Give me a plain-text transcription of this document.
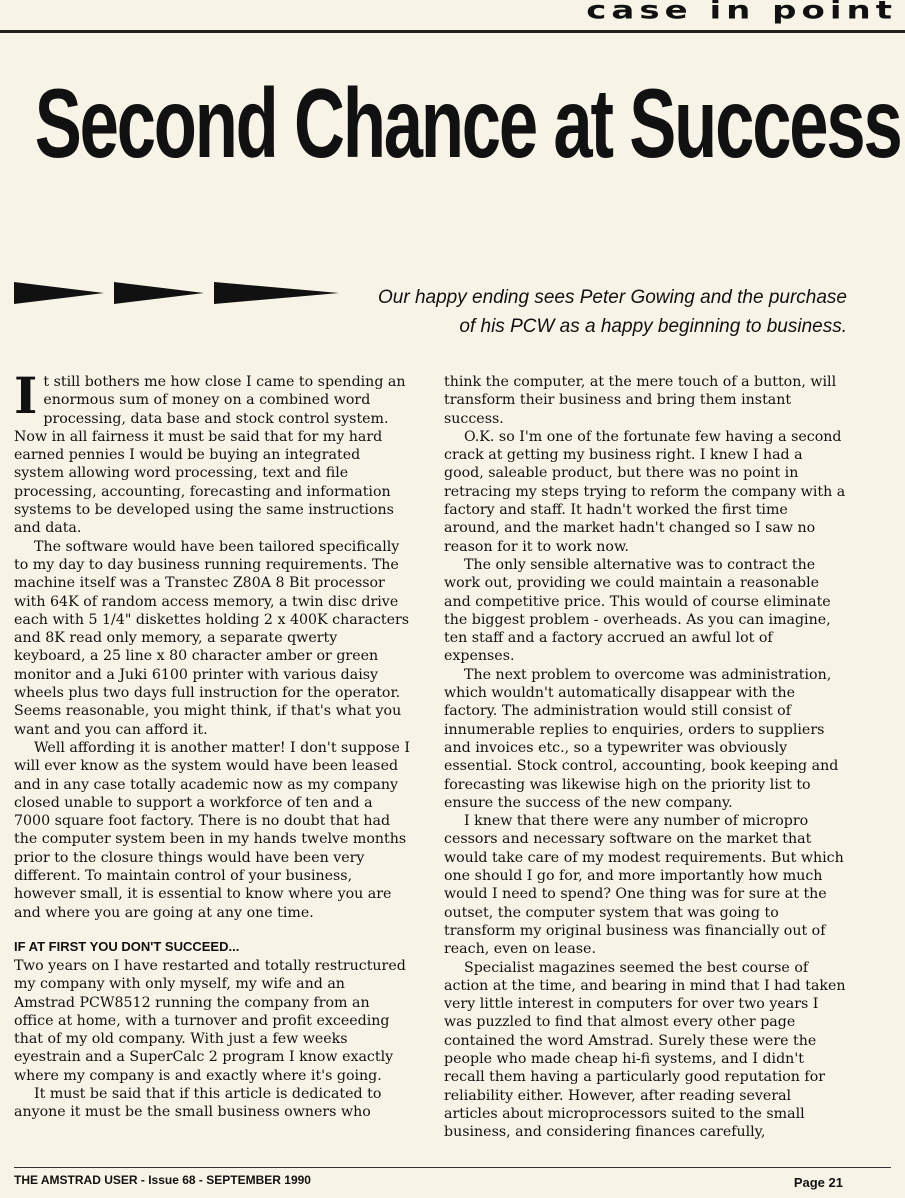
case in point
Second Chance at Success
Our happy ending sees Peter Gowing and the purchase
of his PCW as a happy beginning to business.

It still bothers me how close I came to spending an enormous sum of money on a combined word processing, data base and stock control system. Now in all fairness it must be said that for my hard earned pennies I would be buying an integrated system allowing word processing, text and file processing, accounting, forecasting and information systems to be developed using the same instructions and data.

The software would have been tailored specifically to my day to day business running requirements. The machine itself was a Transtec Z80A 8 Bit processor with 64K of random access memory, a twin disc drive each with 5 1/4" diskettes holding 2 x 400K characters and 8K read only memory, a separate qwerty keyboard, a 25 line x 80 character amber or green monitor and a Juki 6100 printer with various daisy wheels plus two days full instruction for the operator. Seems reasonable, you might think, if that's what you want and you can afford it.

Well affording it is another matter! I don't suppose I will ever know as the system would have been leased and in any case totally academic now as my company closed unable to support a workforce of ten and a 7000 square foot factory. There is no doubt that had the computer system been in my hands twelve months prior to the closure things would have been very different. To maintain control of your business, however small, it is essential to know where you are and where you are going at any one time.

IF AT FIRST YOU DON'T SUCCEED...

Two years on I have restarted and totally restructured my company with only myself, my wife and an Amstrad PCW8512 running the company from an office at home, with a turnover and profit exceeding that of my old company. With just a few weeks eyestrain and a SuperCalc 2 program I know exactly where my company is and exactly where it's going.

It must be said that if this article is dedicated to anyone it must be the small business owners who

think the computer, at the mere touch of a button, will transform their business and bring them instant success.

O.K. so I'm one of the fortunate few having a second crack at getting my business right. I knew I had a good, saleable product, but there was no point in retracing my steps trying to reform the company with a factory and staff. It hadn't worked the first time around, and the market hadn't changed so I saw no reason for it to work now.

The only sensible alternative was to contract the work out, providing we could maintain a reasonable and competitive price. This would of course eliminate the biggest problem - overheads. As you can imagine, ten staff and a factory accrued an awful lot of expenses.

The next problem to overcome was administration, which wouldn't automatically disappear with the factory. The administration would still consist of innumerable replies to enquiries, orders to suppliers and invoices etc., so a typewriter was obviously essential. Stock control, accounting, book keeping and forecasting was likewise high on the priority list to ensure the success of the new company.

I knew that there were any number of micropro cessors and necessary software on the market that would take care of my modest requirements. But which one should I go for, and more importantly how much would I need to spend? One thing was for sure at the outset, the computer system that was going to transform my original business was financially out of reach, even on lease.

Specialist magazines seemed the best course of action at the time, and bearing in mind that I had taken very little interest in computers for over two years I was puzzled to find that almost every other page contained the word Amstrad. Surely these were the people who made cheap hi-fi systems, and I didn't recall them having a particularly good reputation for reliability either. However, after reading several articles about microprocessors suited to the small business, and considering finances carefully,

THE AMSTRAD USER - Issue 68 - SEPTEMBER 1990	Page 21
